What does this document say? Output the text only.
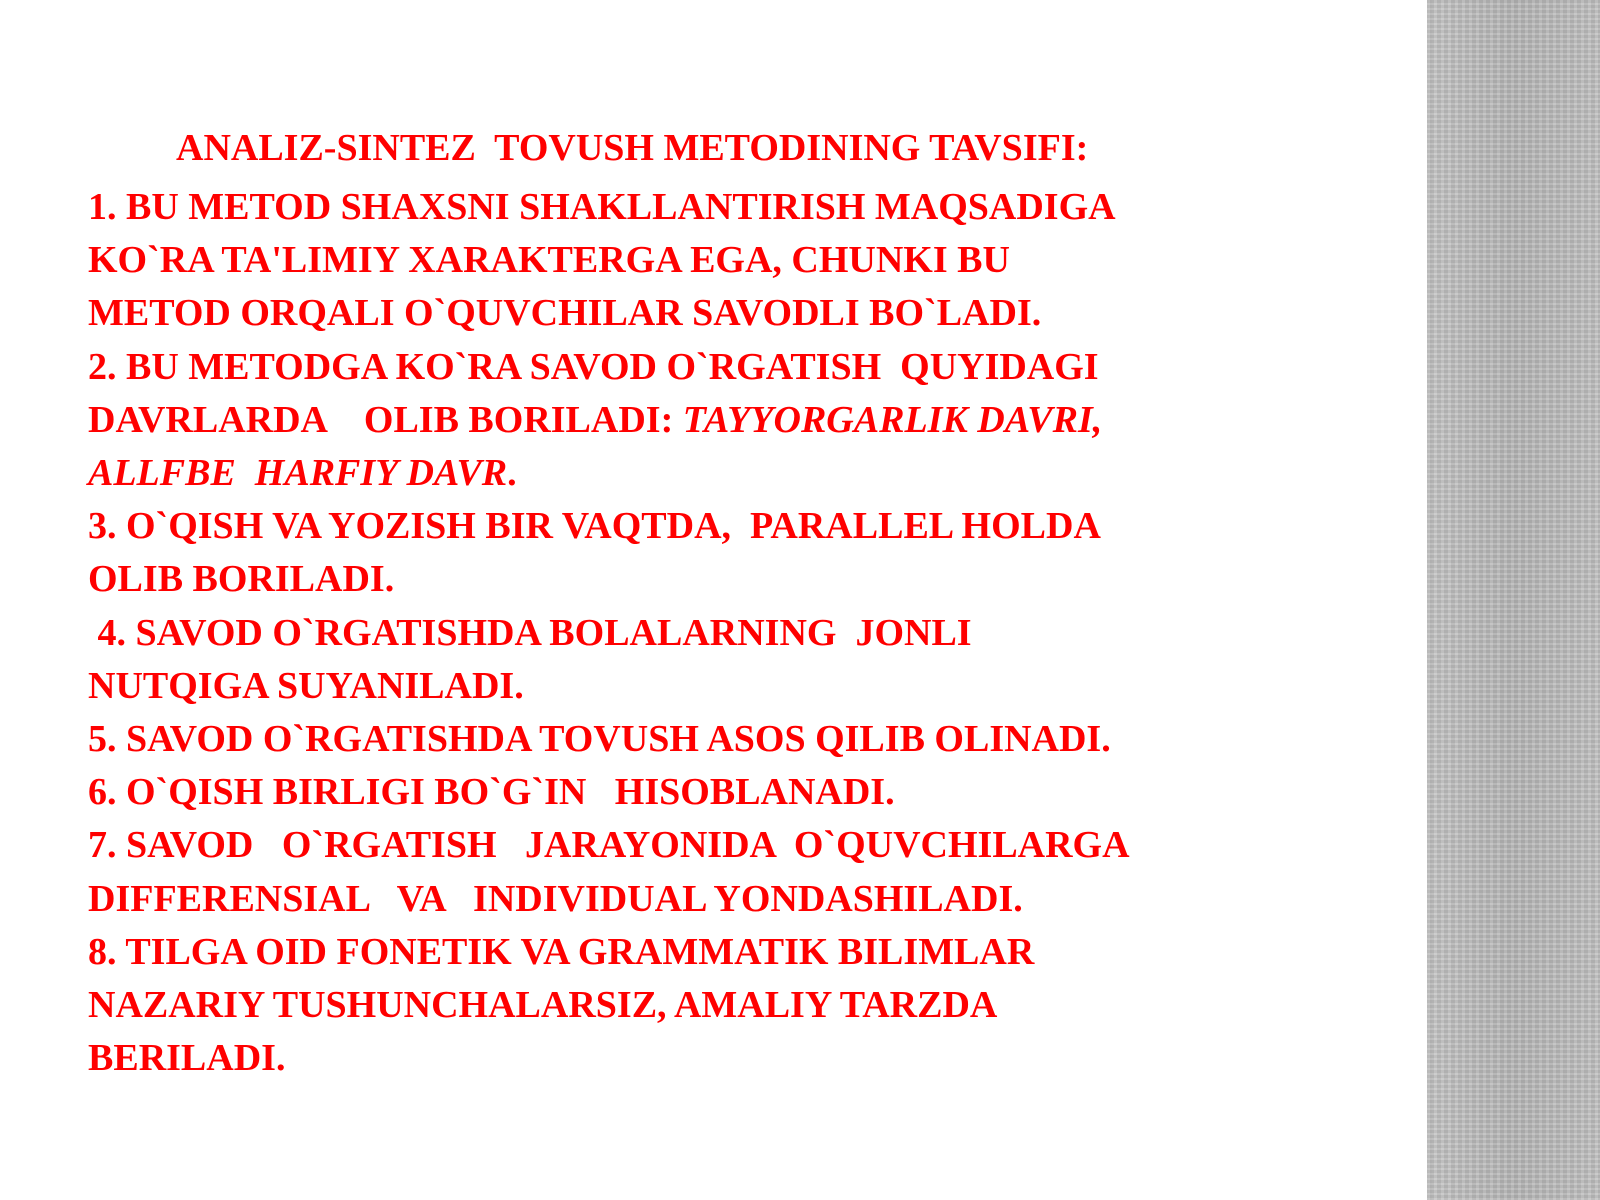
ANALIZ-SINTEZ  TOVUSH METODINING TAVSIFI:
1. BU METOD SHAXSNI SHAKLLANTIRISH MAQSADIGA
KO`RA TA'LIMIY XARAKTERGA EGA, CHUNKI BU
METOD ORQALI O`QUVCHILAR SAVODLI BO`LADI.
2. BU METODGA KO`RA SAVOD O`RGATISH  QUYIDAGI
DAVRLARDA    OLIB BORILADI: TAYYORGARLIK DAVRI,
ALLFBE  HARFIY DAVR.
3. O`QISH VA YOZISH BIR VAQTDA,  PARALLEL HOLDA
OLIB BORILADI.
4. SAVOD O`RGATISHDA BOLALARNING  JONLI
NUTQIGA SUYANILADI.
5. SAVOD O`RGATISHDA TOVUSH ASOS QILIB OLINADI.
6. O`QISH BIRLIGI BO`G`IN   HISOBLANADI.
7. SAVOD   O`RGATISH   JARAYONIDA  O`QUVCHILARGA
DIFFERENSIAL   VA   INDIVIDUAL YONDASHILADI.
8. TILGA OID FONETIK VA GRAMMATIK BILIMLAR
NAZARIY TUSHUNCHALARSIZ, AMALIY TARZDA
BERILADI.
